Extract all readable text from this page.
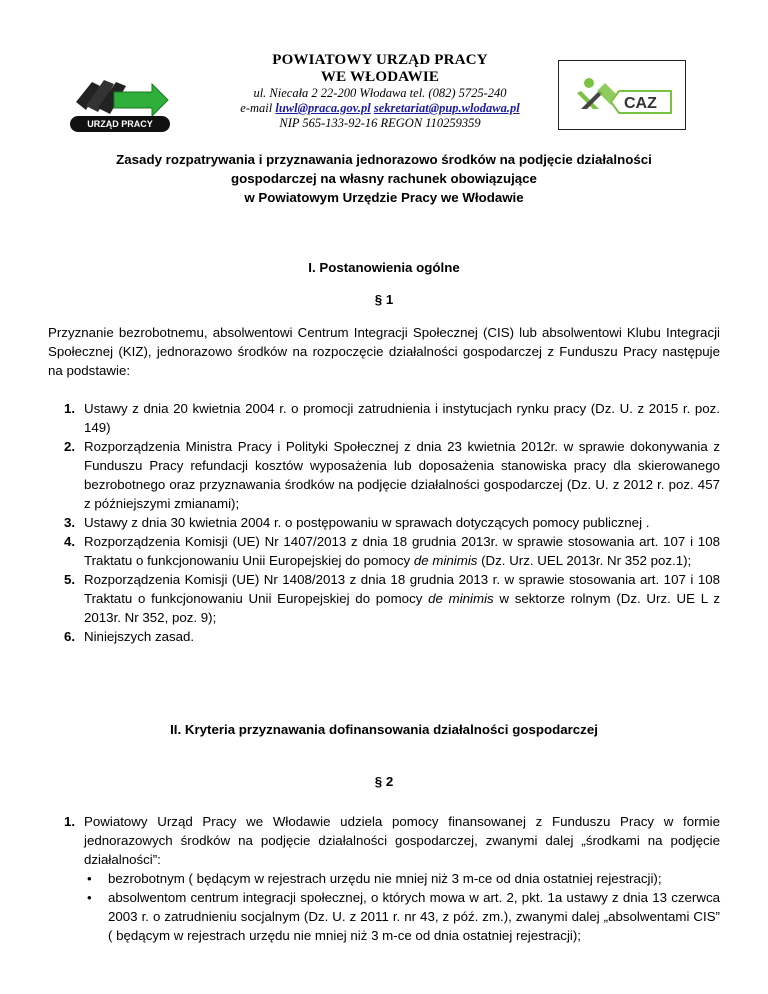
URZĄD PRACY
POWIATOWY URZĄD PRACY
WE WŁODAWIE
ul. Niecała 2 22-200 Włodawa tel. (082) 5725-240
e-mail luwl@praca.gov.pl sekretariat@pup.wlodawa.pl
NIP 565-133-92-16 REGON 110259359
CAZ
Zasady rozpatrywania i przyznawania jednorazowo środków na podjęcie działalności
gospodarczej na własny rachunek obowiązujące
w Powiatowym Urzędzie Pracy we Włodawie
I. Postanowienia ogólne
§ 1
Przyznanie bezrobotnemu, absolwentowi Centrum Integracji Społecznej (CIS) lub absolwentowi Klubu Integracji Społecznej (KIZ), jednorazowo środków na rozpoczęcie działalności gospodarczej z Funduszu Pracy następuje na podstawie:
1. Ustawy z dnia 20 kwietnia 2004 r. o promocji zatrudnienia i instytucjach rynku pracy (Dz. U. z 2015 r. poz. 149)
2. Rozporządzenia Ministra Pracy i Polityki Społecznej z dnia 23 kwietnia 2012r. w sprawie dokonywania z Funduszu Pracy refundacji kosztów wyposażenia lub doposażenia stanowiska pracy dla skierowanego bezrobotnego oraz przyznawania środków na podjęcie działalności gospodarczej (Dz. U. z 2012 r. poz. 457 z późniejszymi zmianami);
3. Ustawy z dnia 30 kwietnia 2004 r. o postępowaniu w sprawach dotyczących pomocy publicznej .
4. Rozporządzenia Komisji (UE) Nr 1407/2013 z dnia 18 grudnia 2013r. w sprawie stosowania art. 107 i 108 Traktatu o funkcjonowaniu Unii Europejskiej do pomocy de minimis (Dz. Urz. UEL 2013r. Nr 352 poz.1);
5. Rozporządzenia Komisji (UE) Nr 1408/2013 z dnia 18 grudnia 2013 r. w sprawie stosowania art. 107 i 108 Traktatu o funkcjonowaniu Unii Europejskiej do pomocy de minimis w sektorze rolnym (Dz. Urz. UE L z 2013r. Nr 352, poz. 9);
6. Niniejszych zasad.
II. Kryteria przyznawania dofinansowania działalności gospodarczej
§ 2
1. Powiatowy Urząd Pracy we Włodawie udziela pomocy finansowanej z Funduszu Pracy w formie jednorazowych środków na podjęcie działalności gospodarczej, zwanymi dalej „środkami na podjęcie działalności”:
• bezrobotnym ( będącym w rejestrach urzędu nie mniej niż 3 m-ce od dnia ostatniej rejestracji);
• absolwentom centrum integracji społecznej, o których mowa w art. 2, pkt. 1a ustawy z dnia 13 czerwca 2003 r. o zatrudnieniu socjalnym (Dz. U. z 2011 r. nr 43, z póź. zm.), zwanymi dalej „absolwentami CIS” ( będącym w rejestrach urzędu nie mniej niż 3 m-ce od dnia ostatniej rejestracji);
